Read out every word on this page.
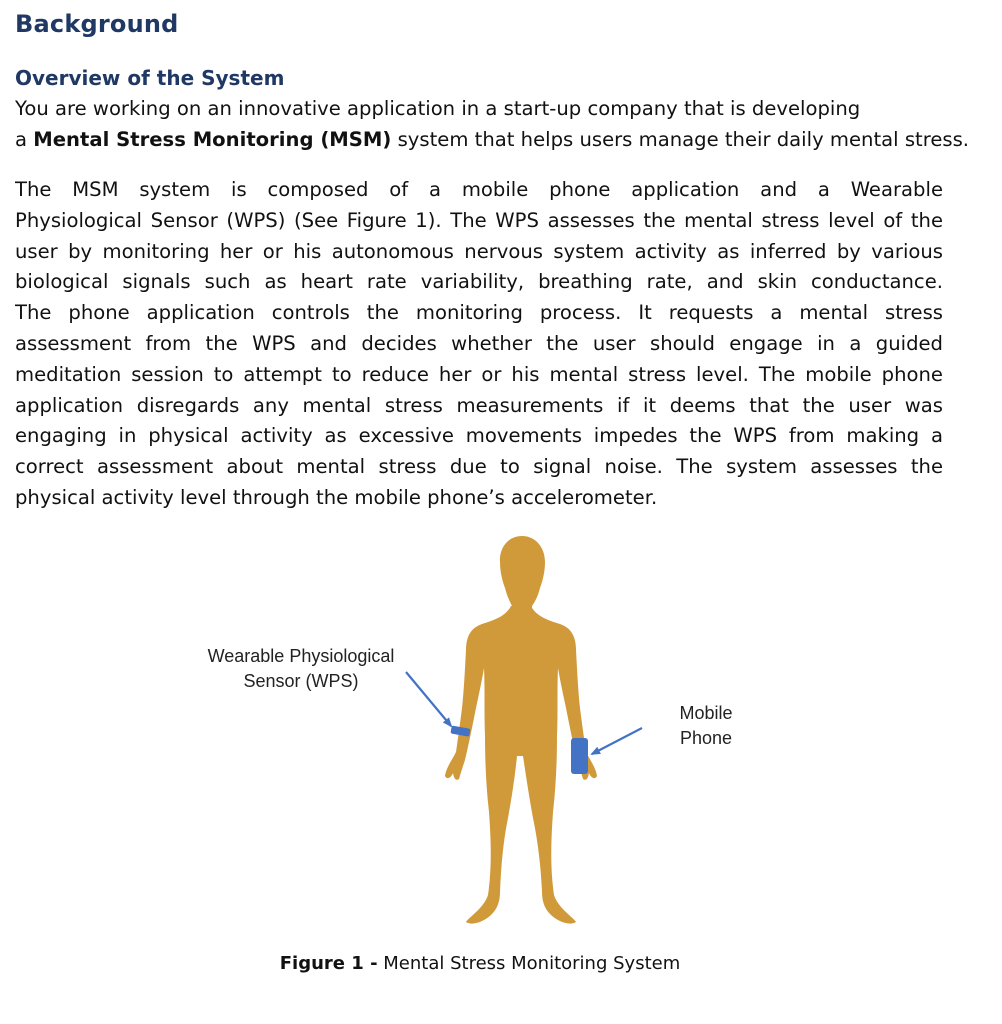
Background
Overview of the System
You are working on an innovative application in a start-up company that is developing
a Mental Stress Monitoring (MSM) system that helps users manage their daily mental stress.
The MSM system is composed of a mobile phone application and a Wearable
Physiological Sensor (WPS) (See Figure 1). The WPS assesses the mental stress level of the
user by monitoring her or his autonomous nervous system activity as inferred by various
biological signals such as heart rate variability, breathing rate, and skin conductance.
The phone application controls the monitoring process. It requests a mental stress
assessment from the WPS and decides whether the user should engage in a guided
meditation session to attempt to reduce her or his mental stress level. The mobile phone
application disregards any mental stress measurements if it deems that the user was
engaging in physical activity as excessive movements impedes the WPS from making a
correct assessment about mental stress due to signal noise. The system assesses the
physical activity level through the mobile phone’s accelerometer.
Wearable Physiological
Sensor (WPS)
Mobile
Phone
Figure 1 - Mental Stress Monitoring System
